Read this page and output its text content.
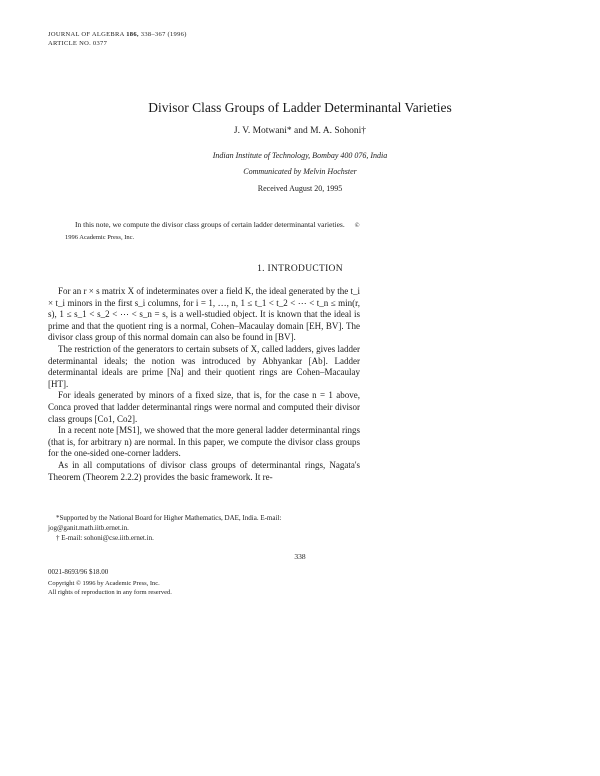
JOURNAL OF ALGEBRA 186, 338–367 (1996)
ARTICLE NO. 0377
Divisor Class Groups of Ladder Determinantal Varieties
J. V. Motwani* and M. A. Sohoni†
Indian Institute of Technology, Bombay 400 076, India
Communicated by Melvin Hochster
Received August 20, 1995
In this note, we compute the divisor class groups of certain ladder determinantal varieties. © 1996 Academic Press, Inc.
1. INTRODUCTION

For an r × s matrix X of indeterminates over a field K, the ideal generated by the t_i × t_i minors in the first s_i columns, for i = 1, …, n, 1 ≤ t_1 < t_2 < ⋯ < t_n ≤ min(r, s), 1 ≤ s_1 < s_2 < ⋯ < s_n = s, is a well-studied object. It is known that the ideal is prime and that the quotient ring is a normal, Cohen–Macaulay domain [EH, BV]. The divisor class group of this normal domain can also be found in [BV].

The restriction of the generators to certain subsets of X, called ladders, gives ladder determinantal ideals; the notion was introduced by Abhyankar [Ab]. Ladder determinantal ideals are prime [Na] and their quotient rings are Cohen–Macaulay [HT].

For ideals generated by minors of a fixed size, that is, for the case n = 1 above, Conca proved that ladder determinantal rings were normal and computed their divisor class groups [Co1, Co2].

In a recent note [MS1], we showed that the more general ladder determinantal rings (that is, for arbitrary n) are normal. In this paper, we compute the divisor class groups for the one-sided one-corner ladders.

As in all computations of divisor class groups of determinantal rings, Nagata's Theorem (Theorem 2.2.2) provides the basic framework. It re-

*Supported by the National Board for Higher Mathematics, DAE, India. E-mail: jog@ganit.math.iitb.ernet.in.

† E-mail: sohoni@cse.iitb.ernet.in.

338
0021-8693/96 $18.00
Copyright © 1996 by Academic Press, Inc.
All rights of reproduction in any form reserved.
